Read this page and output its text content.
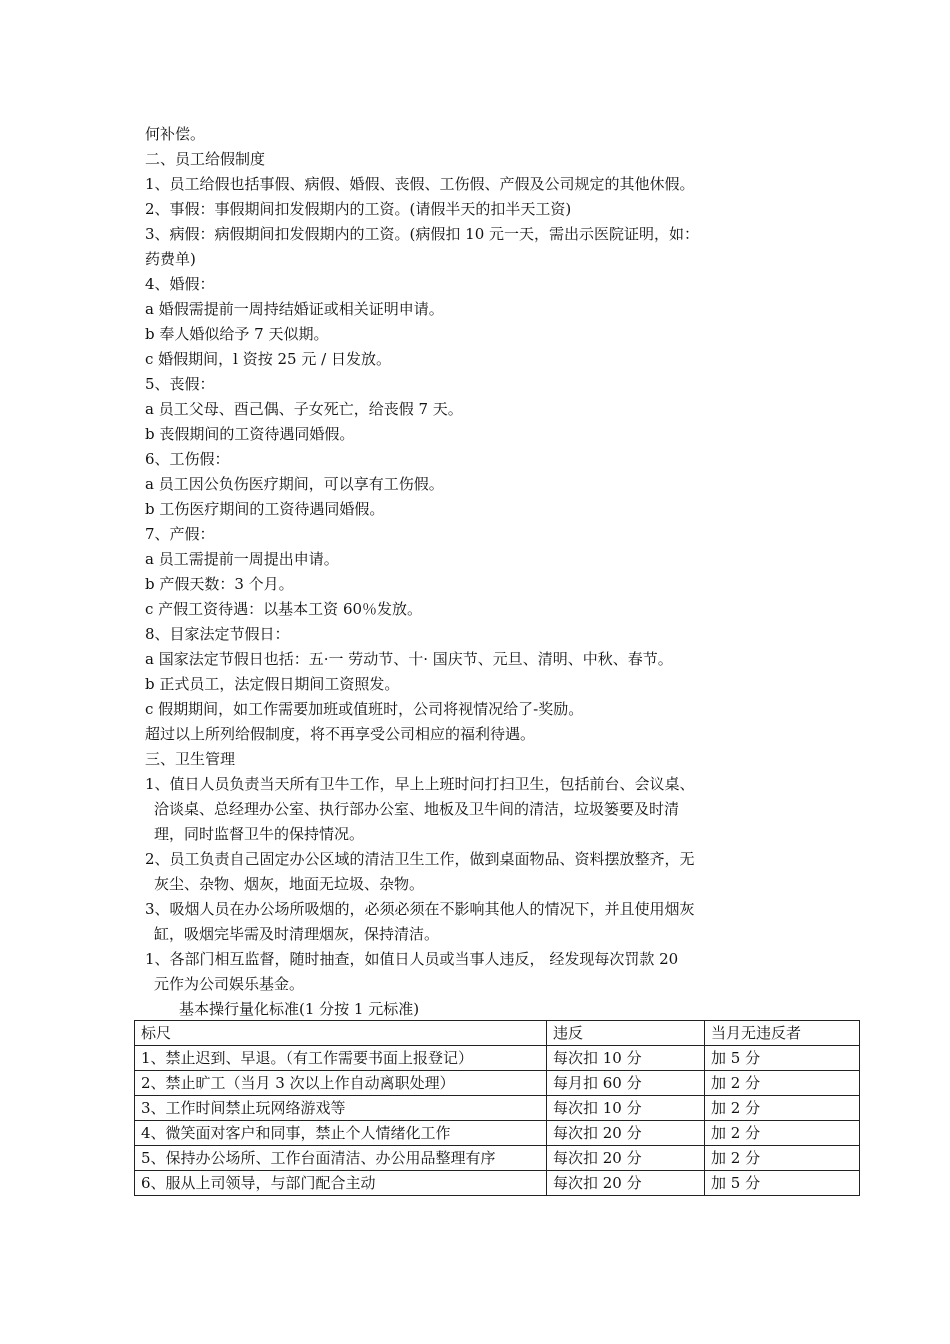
何补偿。
二、员工给假制度
1、员工给假也括事假、病假、婚假、丧假、工伤假、产假及公司规定的其他休假。
2、事假：事假期间扣发假期内的工资。(请假半天的扣半天工资)
3、病假：病假期间扣发假期内的工资。(病假扣 10 元一天，需出示医院证明，如：
药费单)
4、婚假：
a 婚假需提前一周持结婚证或相关证明申请。
b 奉人婚似给予 7 天似期。
c 婚假期间，l 资按 25 元 / 日发放。
5、丧假：
a 员工父母、酉己偶、子女死亡，给丧假 7 天。
b 丧假期间的工资待遇同婚假。
6、工伤假：
a 员工因公负伤医疗期间，可以享有工伤假。
b 工伤医疗期间的工资待遇同婚假。
7、产假：
a 员工需提前一周提出申请。
b 产假天数：3 个月。
c 产假工资待遇：以基本工资 60％发放。
8、目家法定节假日：
a 国家法定节假日也括：五·一 劳动节、十· 国庆节、元旦、清明、中秋、春节。
b 正式员工，法定假日期间工资照发。
c 假期期间，如工作需要加班或值班时，公司将视情况给了-奖励。
超过以上所列给假制度，将不再享受公司相应的福利待遇。
三、卫生管理
1、值日人员负责当天所有卫牛工作，早上上班时问打扫卫生，包括前台、会议桌、
洽谈桌、总经理办公室、执行部办公室、地板及卫牛间的清洁，垃圾篓要及时清
理，同时监督卫牛的保持情况。
2、员工负责自己固定办公区域的清洁卫生工作，做到桌面物品、资料摆放整齐，无
灰尘、杂物、烟灰，地面无垃圾、杂物。
3、吸烟人员在办公场所吸烟的，必须必须在不影响其他人的情况下，并且使用烟灰
缸，吸烟完毕需及时清理烟灰，保持清洁。
1、各部门相互监督，随时抽查，如值日人员或当事人违反， 经发现每次罚款 20
元作为公司娱乐基金。
基本操行量化标准(1 分按 1 元标准)
标尺	违反	当月无违反者
1、禁止迟到、早退。（有工作需要书面上报登记）	每次扣 10 分	加 5 分
2、禁止旷工（当月 3 次以上作自动离职处理）	每月扣 60 分	加 2 分
3、工作时间禁止玩网络游戏等	每次扣 10 分	加 2 分
4、微笑面对客户和同事，禁止个人情绪化工作	每次扣 20 分	加 2 分
5、保持办公场所、工作台面清洁、办公用品整理有序	每次扣 20 分	加 2 分
6、服从上司领导，与部门配合主动	每次扣 20 分	加 5 分
